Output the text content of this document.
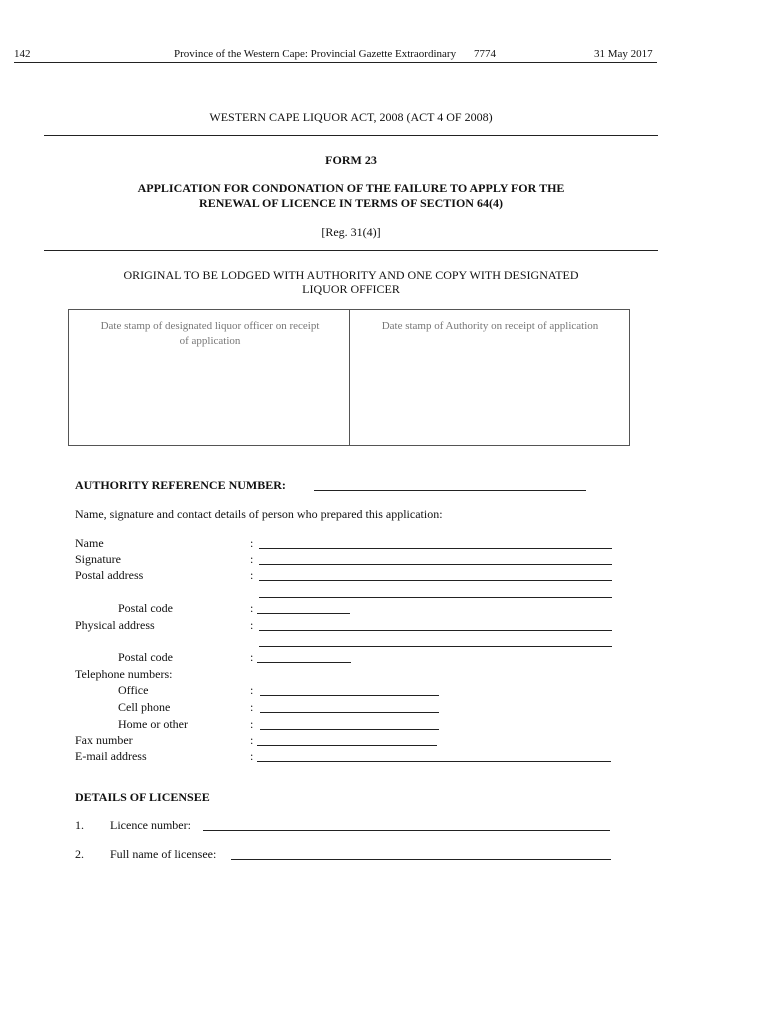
142	Province of the Western Cape: Provincial Gazette Extraordinary 7774	31 May 2017
WESTERN CAPE LIQUOR ACT, 2008 (ACT 4 OF 2008)
FORM 23
APPLICATION FOR CONDONATION OF THE FAILURE TO APPLY FOR THE
RENEWAL OF LICENCE IN TERMS OF SECTION 64(4)
[Reg. 31(4)]
ORIGINAL TO BE LODGED WITH AUTHORITY AND ONE COPY WITH DESIGNATED
LIQUOR OFFICER
Date stamp of designated liquor officer on receipt
of application
Date stamp of Authority on receipt of application
AUTHORITY REFERENCE NUMBER:
Name, signature and contact details of person who prepared this application:
Name	:
Signature	:
Postal address	:
Postal code	:
Physical address	:
Postal code	:
Telephone numbers:
Office	:
Cell phone	:
Home or other	:
Fax number	:
E-mail address	:
DETAILS OF LICENSEE
1. Licence number:
2. Full name of licensee:
